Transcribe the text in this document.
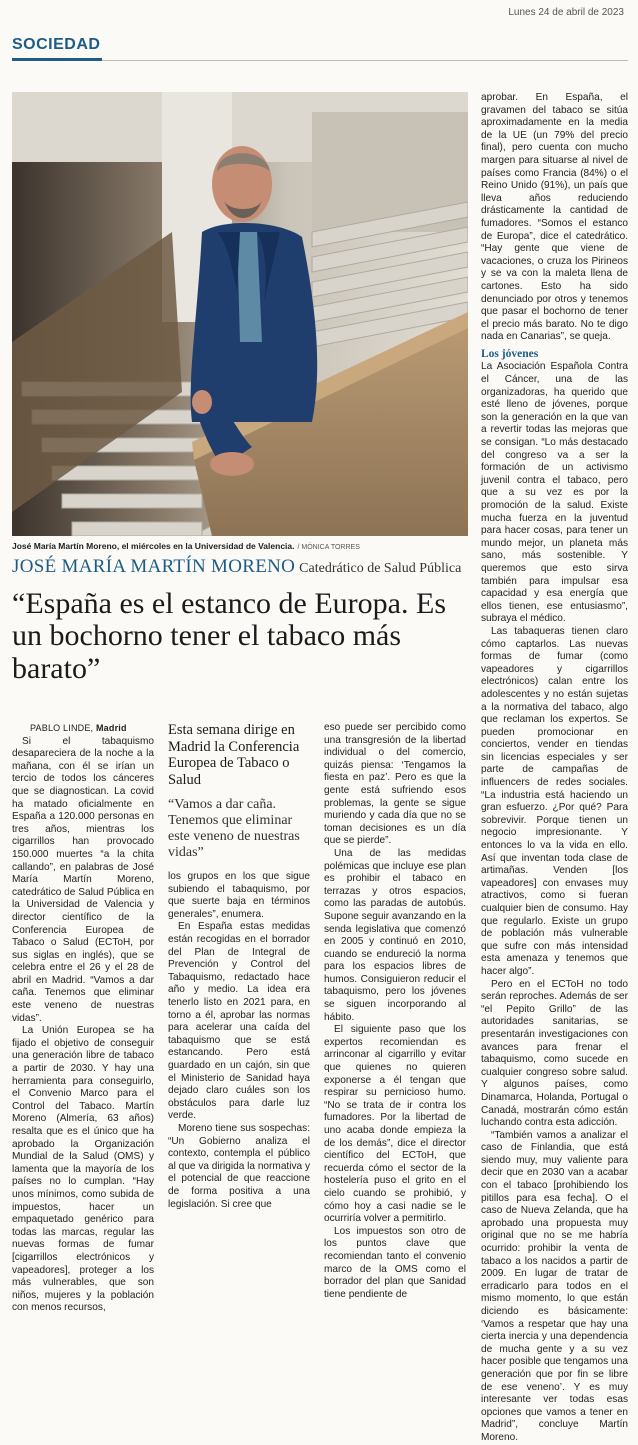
Lunes 24 de abril de 2023
SOCIEDAD
José María Martín Moreno, el miércoles en la Universidad de Valencia. / MÓNICA TORRES
JOSÉ MARÍA MARTÍN MORENO Catedrático de Salud Pública
“España es el estanco de Europa. Es un bochorno tener el tabaco más barato”
PABLO LINDE, Madrid

Si el tabaquismo desapareciera de la noche a la mañana, con él se irían un tercio de todos los cánceres que se diagnostican. La covid ha matado oficialmente en España a 120.000 personas en tres años, mientras los cigarrillos han provocado 150.000 muertes “a la chita callando”, en palabras de José María Martín Moreno, catedrático de Salud Pública en la Universidad de Valencia y director científico de la Conferencia Europea de Tabaco o Salud (ECToH, por sus siglas en inglés), que se celebra entre el 26 y el 28 de abril en Madrid. “Vamos a dar caña. Tenemos que eliminar este veneno de nuestras vidas”.

La Unión Europea se ha fijado el objetivo de conseguir una generación libre de tabaco a partir de 2030. Y hay una herramienta para conseguirlo, el Convenio Marco para el Control del Tabaco. Martín Moreno (Almería, 63 años) resalta que es el único que ha aprobado la Organización Mundial de la Salud (OMS) y lamenta que la mayoría de los países no lo cumplan. “Hay unos mínimos, como subida de impuestos, hacer un empaquetado genérico para todas las marcas, regular las nuevas formas de fumar [cigarrillos electrónicos y vapeadores], proteger a los más vulnerables, que son niños, mujeres y la población con menos recursos,

Esta semana dirige en Madrid la Conferencia Europea de Tabaco o Salud
“Vamos a dar caña. Tenemos que eliminar este veneno de nuestras vidas”

los grupos en los que sigue subiendo el tabaquismo, por que suerte baja en términos generales”, enumera.

En España estas medidas están recogidas en el borrador del Plan de Integral de Prevención y Control del Tabaquismo, redactado hace año y medio. La idea era tenerlo listo en 2021 para, en torno a él, aprobar las normas para acelerar una caída del tabaquismo que se está estancando. Pero está guardado en un cajón, sin que el Ministerio de Sanidad haya dejado claro cuáles son los obstáculos para darle luz verde.

Moreno tiene sus sospechas: “Un Gobierno analiza el contexto, contempla el público al que va dirigida la normativa y el potencial de que reaccione de forma positiva a una legislación. Si cree que

eso puede ser percibido como una transgresión de la libertad individual o del comercio, quizás piensa: ‘Tengamos la fiesta en paz’. Pero es que la gente está sufriendo esos problemas, la gente se sigue muriendo y cada día que no se toman decisiones es un día que se pierde”.

Una de las medidas polémicas que incluye ese plan es prohibir el tabaco en terrazas y otros espacios, como las paradas de autobús. Supone seguir avanzando en la senda legislativa que comenzó en 2005 y continuó en 2010, cuando se endureció la norma para los espacios libres de humos. Consiguieron reducir el tabaquismo, pero los jóvenes se siguen incorporando al hábito.

El siguiente paso que los expertos recomiendan es arrinconar al cigarrillo y evitar que quienes no quieren exponerse a él tengan que respirar su pernicioso humo. “No se trata de ir contra los fumadores. Por la libertad de uno acaba donde empieza la de los demás”, dice el director científico del ECToH, que recuerda cómo el sector de la hostelería puso el grito en el cielo cuando se prohibió, y cómo hoy a casi nadie se le ocurriría volver a permitirlo.

Los impuestos son otro de los puntos clave que recomiendan tanto el convenio marco de la OMS como el borrador del plan que Sanidad tiene pendiente de

aprobar. En España, el gravamen del tabaco se sitúa aproximadamente en la media de la UE (un 79% del precio final), pero cuenta con mucho margen para situarse al nivel de países como Francia (84%) o el Reino Unido (91%), un país que lleva años reduciendo drásticamente la cantidad de fumadores. “Somos el estanco de Europa”, dice el catedrático. “Hay gente que viene de vacaciones, o cruza los Pirineos y se va con la maleta llena de cartones. Esto ha sido denunciado por otros y tenemos que pasar el bochorno de tener el precio más barato. No te digo nada en Canarias”, se queja.

Los jóvenes

La Asociación Española Contra el Cáncer, una de las organizadoras, ha querido que esté lleno de jóvenes, porque son la generación en la que van a revertir todas las mejoras que se consigan. “Lo más destacado del congreso va a ser la formación de un activismo juvenil contra el tabaco, pero que a su vez es por la promoción de la salud. Existe mucha fuerza en la juventud para hacer cosas, para tener un mundo mejor, un planeta más sano, más sostenible. Y queremos que esto sirva también para impulsar esa capacidad y esa energía que ellos tienen, ese entusiasmo”, subraya el médico.

Las tabaqueras tienen claro cómo captarlos. Las nuevas formas de fumar (como vapeadores y cigarrillos electrónicos) calan entre los adolescentes y no están sujetas a la normativa del tabaco, algo que reclaman los expertos. Se pueden promocionar en conciertos, vender en tiendas sin licencias especiales y ser parte de campañas de influencers de redes sociales. “La industria está haciendo un gran esfuerzo. ¿Por qué? Para sobrevivir. Porque tienen un negocio impresionante. Y entonces lo va la vida en ello. Así que inventan toda clase de artimañas. Venden [los vapeadores] con envases muy atractivos, como si fueran cualquier bien de consumo. Hay que regularlo. Existe un grupo de población más vulnerable que sufre con más intensidad esta amenaza y tenemos que hacer algo”.

Pero en el ECToH no todo serán reproches. Además de ser “el Pepito Grillo” de las autoridades sanitarias, se presentarán investigaciones con avances para frenar el tabaquismo, como sucede en cualquier congreso sobre salud. Y algunos países, como Dinamarca, Holanda, Portugal o Canadá, mostrarán cómo están luchando contra esta adicción.

“También vamos a analizar el caso de Finlandia, que está siendo muy, muy valiente para decir que en 2030 van a acabar con el tabaco [prohibiendo los pitillos para esa fecha]. O el caso de Nueva Zelanda, que ha aprobado una propuesta muy original que no se me habría ocurrido: prohibir la venta de tabaco a los nacidos a partir de 2009. En lugar de tratar de erradicarlo para todos en el mismo momento, lo que están diciendo es básicamente: ‘Vamos a respetar que hay una cierta inercia y una dependencia de mucha gente y a su vez hacer posible que tengamos una generación que por fin se libre de ese veneno’. Y es muy interesante ver todas esas opciones que vamos a tener en Madrid”, concluye Martín Moreno.
